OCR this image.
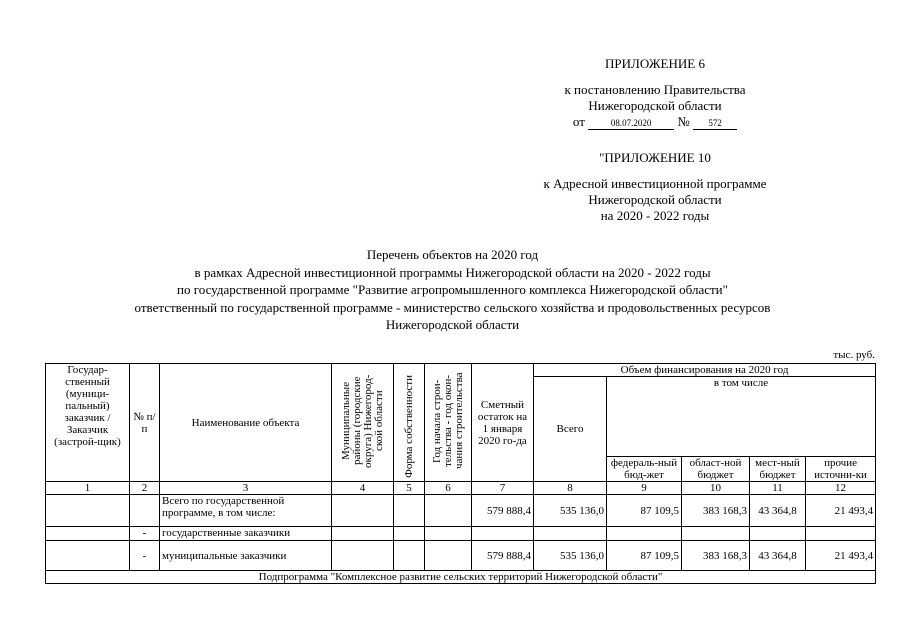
ПРИЛОЖЕНИЕ 6

к постановлению Правительства

Нижегородской области

от	08.07.2020 № 572

"ПРИЛОЖЕНИЕ 10

к Адресной инвестиционной программе

Нижегородской области

на 2020 - 2022 годы

Перечень объектов на 2020 год

в рамках Адресной инвестиционной программы Нижегородской области на 2020 - 2022 годы

по государственной программе "Развитие агропромышленного комплекса Нижегородской области"

ответственный по государственной программе - министерство сельского хозяйства и продовольственных ресурсов

Нижегородской области

тыс. руб.
Государ-ственный (муници-пальный) заказчик /Заказчик (застрой-щик)	№ п/п	Наименование объекта	Муниципальные районы (городские округа) Нижегород-ской области	Форма собственности	Год начала строи-тельства - год окон-чания строительства	Сметный остаток на 1 января 2020 го-да	Объем финансирования на 2020 год				
							Всего	в том числе			
								федераль-ный бюд-жет	област-ной бюджет	мест-ный бюджет	прочие источни-ки
1	2	3	4	5	6	7	8	9	10	11	12
		Всего по государственной программе, в том числе:				579 888,4	535 136,0	87 109,5	383 168,3	43 364,8	21 493,4
	-	государственные заказчики									
	-	муниципальные заказчики				579 888,4	535 136,0	87 109,5	383 168,3	43 364,8	21 493,4
Подпрограмма "Комплексное развитие сельских территорий Нижегородской области"											
